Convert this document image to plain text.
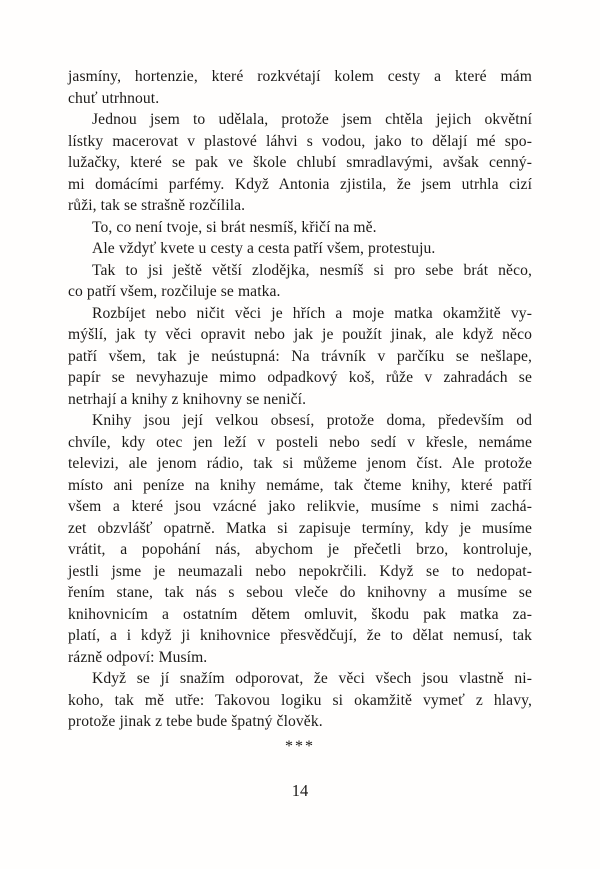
jasmíny, hortenzie, které rozkvétají kolem cesty a které mám
chuť utrhnout.
Jednou jsem to udělala, protože jsem chtěla jejich okvětní
lístky macerovat v plastové láhvi s vodou, jako to dělají mé spo-
lužačky, které se pak ve škole chlubí smradlavými, avšak cenný-
mi domácími parfémy. Když Antonia zjistila, že jsem utrhla cizí
růži, tak se strašně rozčílila.
To, co není tvoje, si brát nesmíš, křičí na mě.
Ale vždyť kvete u cesty a cesta patří všem, protestuju.
Tak to jsi ještě větší zlodějka, nesmíš si pro sebe brát něco,
co patří všem, rozčiluje se matka.
Rozbíjet nebo ničit věci je hřích a moje matka okamžitě vy-
mýšlí, jak ty věci opravit nebo jak je použít jinak, ale když něco
patří všem, tak je neústupná: Na trávník v parčíku se nešlape,
papír se nevyhazuje mimo odpadkový koš, růže v zahradách se
netrhají a knihy z knihovny se neničí.
Knihy jsou její velkou obsesí, protože doma, především od
chvíle, kdy otec jen leží v posteli nebo sedí v křesle, nemáme
televizi, ale jenom rádio, tak si můžeme jenom číst. Ale protože
místo ani peníze na knihy nemáme, tak čteme knihy, které patří
všem a které jsou vzácné jako relikvie, musíme s nimi zachá-
zet obzvlášť opatrně. Matka si zapisuje termíny, kdy je musíme
vrátit, a popohání nás, abychom je přečetli brzo, kontroluje,
jestli jsme je neumazali nebo nepokrčili. Když se to nedopat-
řením stane, tak nás s sebou vleče do knihovny a musíme se
knihovnicím a ostatním dětem omluvit, škodu pak matka za-
platí, a i když ji knihovnice přesvědčují, že to dělat nemusí, tak
rázně odpoví: Musím.
Když se jí snažím odporovat, že věci všech jsou vlastně ni-
koho, tak mě utře: Takovou logiku si okamžitě vymeť z hlavy,
protože jinak z tebe bude špatný člověk.
***
14
